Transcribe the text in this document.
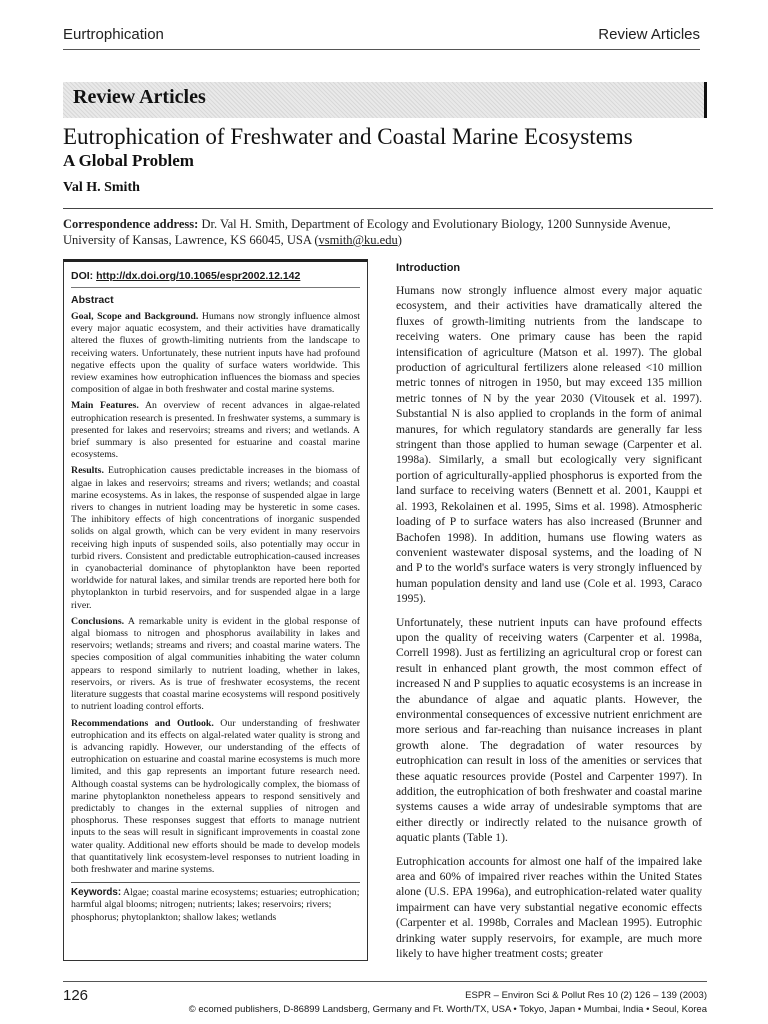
Eurtrophication	Review Articles
Review Articles
Eutrophication of Freshwater and Coastal Marine Ecosystems
A Global Problem
Val H. Smith
Correspondence address: Dr. Val H. Smith, Department of Ecology and Evolutionary Biology, 1200 Sunnyside Avenue, University of Kansas, Lawrence, KS 66045, USA (vsmith@ku.edu)
DOI: http://dx.doi.org/10.1065/espr2002.12.142
Abstract

Goal, Scope and Background. Humans now strongly influence almost every major aquatic ecosystem, and their activities have dramatically altered the fluxes of growth-limiting nutrients from the landscape to receiving waters. Unfortunately, these nutrient inputs have had profound negative effects upon the quality of surface waters worldwide. This review examines how eutrophication influences the biomass and species composition of algae in both freshwater and costal marine systems.

Main Features. An overview of recent advances in algae-related eutrophication research is presented. In freshwater systems, a summary is presented for lakes and reservoirs; streams and rivers; and wetlands. A brief summary is also presented for estuarine and coastal marine ecosystems.

Results. Eutrophication causes predictable increases in the biomass of algae in lakes and reservoirs; streams and rivers; wetlands; and coastal marine ecosystems. As in lakes, the response of suspended algae in large rivers to changes in nutrient loading may be hysteretic in some cases. The inhibitory effects of high concentrations of inorganic suspended solids on algal growth, which can be very evident in many reservoirs receiving high inputs of suspended soils, also potentially may occur in turbid rivers. Consistent and predictable eutrophication-caused increases in cyanobacterial dominance of phytoplankton have been reported worldwide for natural lakes, and similar trends are reported here both for phytoplankton in turbid reservoirs, and for suspended algae in a large river.

Conclusions. A remarkable unity is evident in the global response of algal biomass to nitrogen and phosphorus availability in lakes and reservoirs; wetlands; streams and rivers; and coastal marine waters. The species composition of algal communities inhabiting the water column appears to respond similarly to nutrient loading, whether in lakes, reservoirs, or rivers. As is true of freshwater ecosystems, the recent literature suggests that coastal marine ecosystems will respond positively to nutrient loading control efforts.

Recommendations and Outlook. Our understanding of freshwater eutrophication and its effects on algal-related water quality is strong and is advancing rapidly. However, our understanding of the effects of eutrophication on estuarine and coastal marine ecosystems is much more limited, and this gap represents an important future research need. Although coastal systems can be hydrologically complex, the biomass of marine phytoplankton nonetheless appears to respond sensitively and predictably to changes in the external supplies of nitrogen and phosphorus. These responses suggest that efforts to manage nutrient inputs to the seas will result in significant improvements in coastal zone water quality. Additional new efforts should be made to develop models that quantitatively link ecosystem-level responses to nutrient loading in both freshwater and marine systems.

Keywords: Algae; coastal marine ecosystems; estuaries; eutrophication; harmful algal blooms; nitrogen; nutrients; lakes; reservoirs; rivers; phosphorus; phytoplankton; shallow lakes; wetlands
Introduction

Humans now strongly influence almost every major aquatic ecosystem, and their activities have dramatically altered the fluxes of growth-limiting nutrients from the landscape to receiving waters. One primary cause has been the rapid intensification of agriculture (Matson et al. 1997). The global production of agricultural fertilizers alone released <10 million metric tonnes of nitrogen in 1950, but may exceed 135 million metric tonnes of N by the year 2030 (Vitousek et al. 1997). Substantial N is also applied to croplands in the form of animal manures, for which regulatory standards are generally far less stringent than those applied to human sewage (Carpenter et al. 1998a). Similarly, a small but ecologically very significant portion of agriculturally-applied phosphorus is exported from the land surface to receiving waters (Bennett et al. 2001, Kauppi et al. 1993, Rekolainen et al. 1995, Sims et al. 1998). Atmospheric loading of P to surface waters has also increased (Brunner and Bachofen 1998). In addition, humans use flowing waters as convenient wastewater disposal systems, and the loading of N and P to the world's surface waters is very strongly influenced by human population density and land use (Cole et al. 1993, Caraco 1995).

Unfortunately, these nutrient inputs can have profound effects upon the quality of receiving waters (Carpenter et al. 1998a, Correll 1998). Just as fertilizing an agricultural crop or forest can result in enhanced plant growth, the most common effect of increased N and P supplies to aquatic ecosystems is an increase in the abundance of algae and aquatic plants. However, the environmental consequences of excessive nutrient enrichment are more serious and far-reaching than nuisance increases in plant growth alone. The degradation of water resources by eutrophication can result in loss of the amenities or services that these aquatic resources provide (Postel and Carpenter 1997). In addition, the eutrophication of both freshwater and coastal marine systems causes a wide array of undesirable symptoms that are either directly or indirectly related to the nuisance growth of aquatic plants (Table 1).

Eutrophication accounts for almost one half of the impaired lake area and 60% of impaired river reaches within the United States alone (U.S. EPA 1996a), and eutrophication-related water quality impairment can have very substantial negative economic effects (Carpenter et al. 1998b, Corrales and Maclean 1995). Eutrophic drinking water supply reservoirs, for example, are much more likely to have higher treatment costs; greater

126	ESPR – Environ Sci & Pollut Res 10 (2) 126 – 139 (2003)
© ecomed publishers, D-86899 Landsberg, Germany and Ft. Worth/TX, USA • Tokyo, Japan • Mumbai, India • Seoul, Korea
